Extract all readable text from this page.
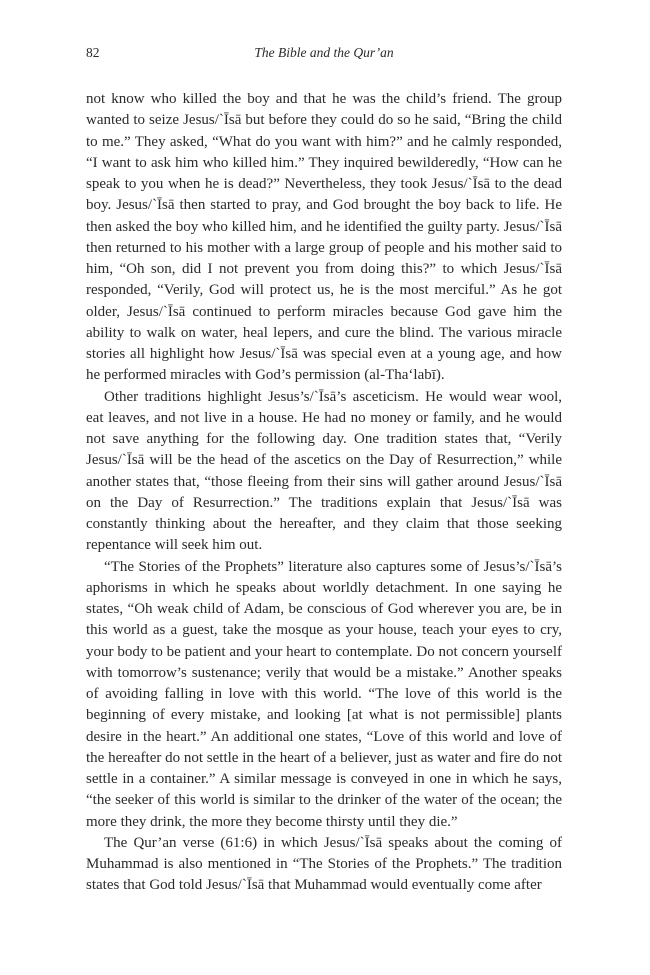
82	The Bible and the Qur’an

not know who killed the boy and that he was the child’s friend. The group wanted to seize Jesus/`Īsā but before they could do so he said, “Bring the child to me.” They asked, “What do you want with him?” and he calmly responded, “I want to ask him who killed him.” They inquired bewilderedly, “How can he speak to you when he is dead?” Nevertheless, they took Jesus/`Īsā to the dead boy. Jesus/`Īsā then started to pray, and God brought the boy back to life. He then asked the boy who killed him, and he identified the guilty party. Jesus/`Īsā then returned to his mother with a large group of people and his mother said to him, “Oh son, did I not prevent you from doing this?” to which Jesus/`Īsā responded, “Verily, God will protect us, he is the most merciful.” As he got older, Jesus/`Īsā continued to perform miracles because God gave him the ability to walk on water, heal lepers, and cure the blind. The various miracle stories all highlight how Jesus/`Īsā was special even at a young age, and how he performed miracles with God’s permission (al-Tha‘labī).

Other traditions highlight Jesus’s/`Īsā’s asceticism. He would wear wool, eat leaves, and not live in a house. He had no money or family, and he would not save anything for the following day. One tradition states that, “Verily Jesus/`Īsā will be the head of the ascetics on the Day of Resurrection,” while another states that, “those fleeing from their sins will gather around Jesus/`Īsā on the Day of Resurrection.” The traditions explain that Jesus/`Īsā was constantly thinking about the hereafter, and they claim that those seeking repentance will seek him out.

“The Stories of the Prophets” literature also captures some of Jesus’s/`Īsā’s aphorisms in which he speaks about worldly detachment. In one saying he states, “Oh weak child of Adam, be conscious of God wherever you are, be in this world as a guest, take the mosque as your house, teach your eyes to cry, your body to be patient and your heart to contemplate. Do not concern yourself with tomorrow’s sustenance; verily that would be a mistake.” Another speaks of avoiding falling in love with this world. “The love of this world is the beginning of every mistake, and looking [at what is not permissible] plants desire in the heart.” An additional one states, “Love of this world and love of the hereafter do not settle in the heart of a believer, just as water and fire do not settle in a container.” A similar message is conveyed in one in which he says, “the seeker of this world is similar to the drinker of the water of the ocean; the more they drink, the more they become thirsty until they die.”

The Qur’an verse (61:6) in which Jesus/`Īsā speaks about the coming of Muhammad is also mentioned in “The Stories of the Prophets.” The tradition states that God told Jesus/`Īsā that Muhammad would eventually come after
